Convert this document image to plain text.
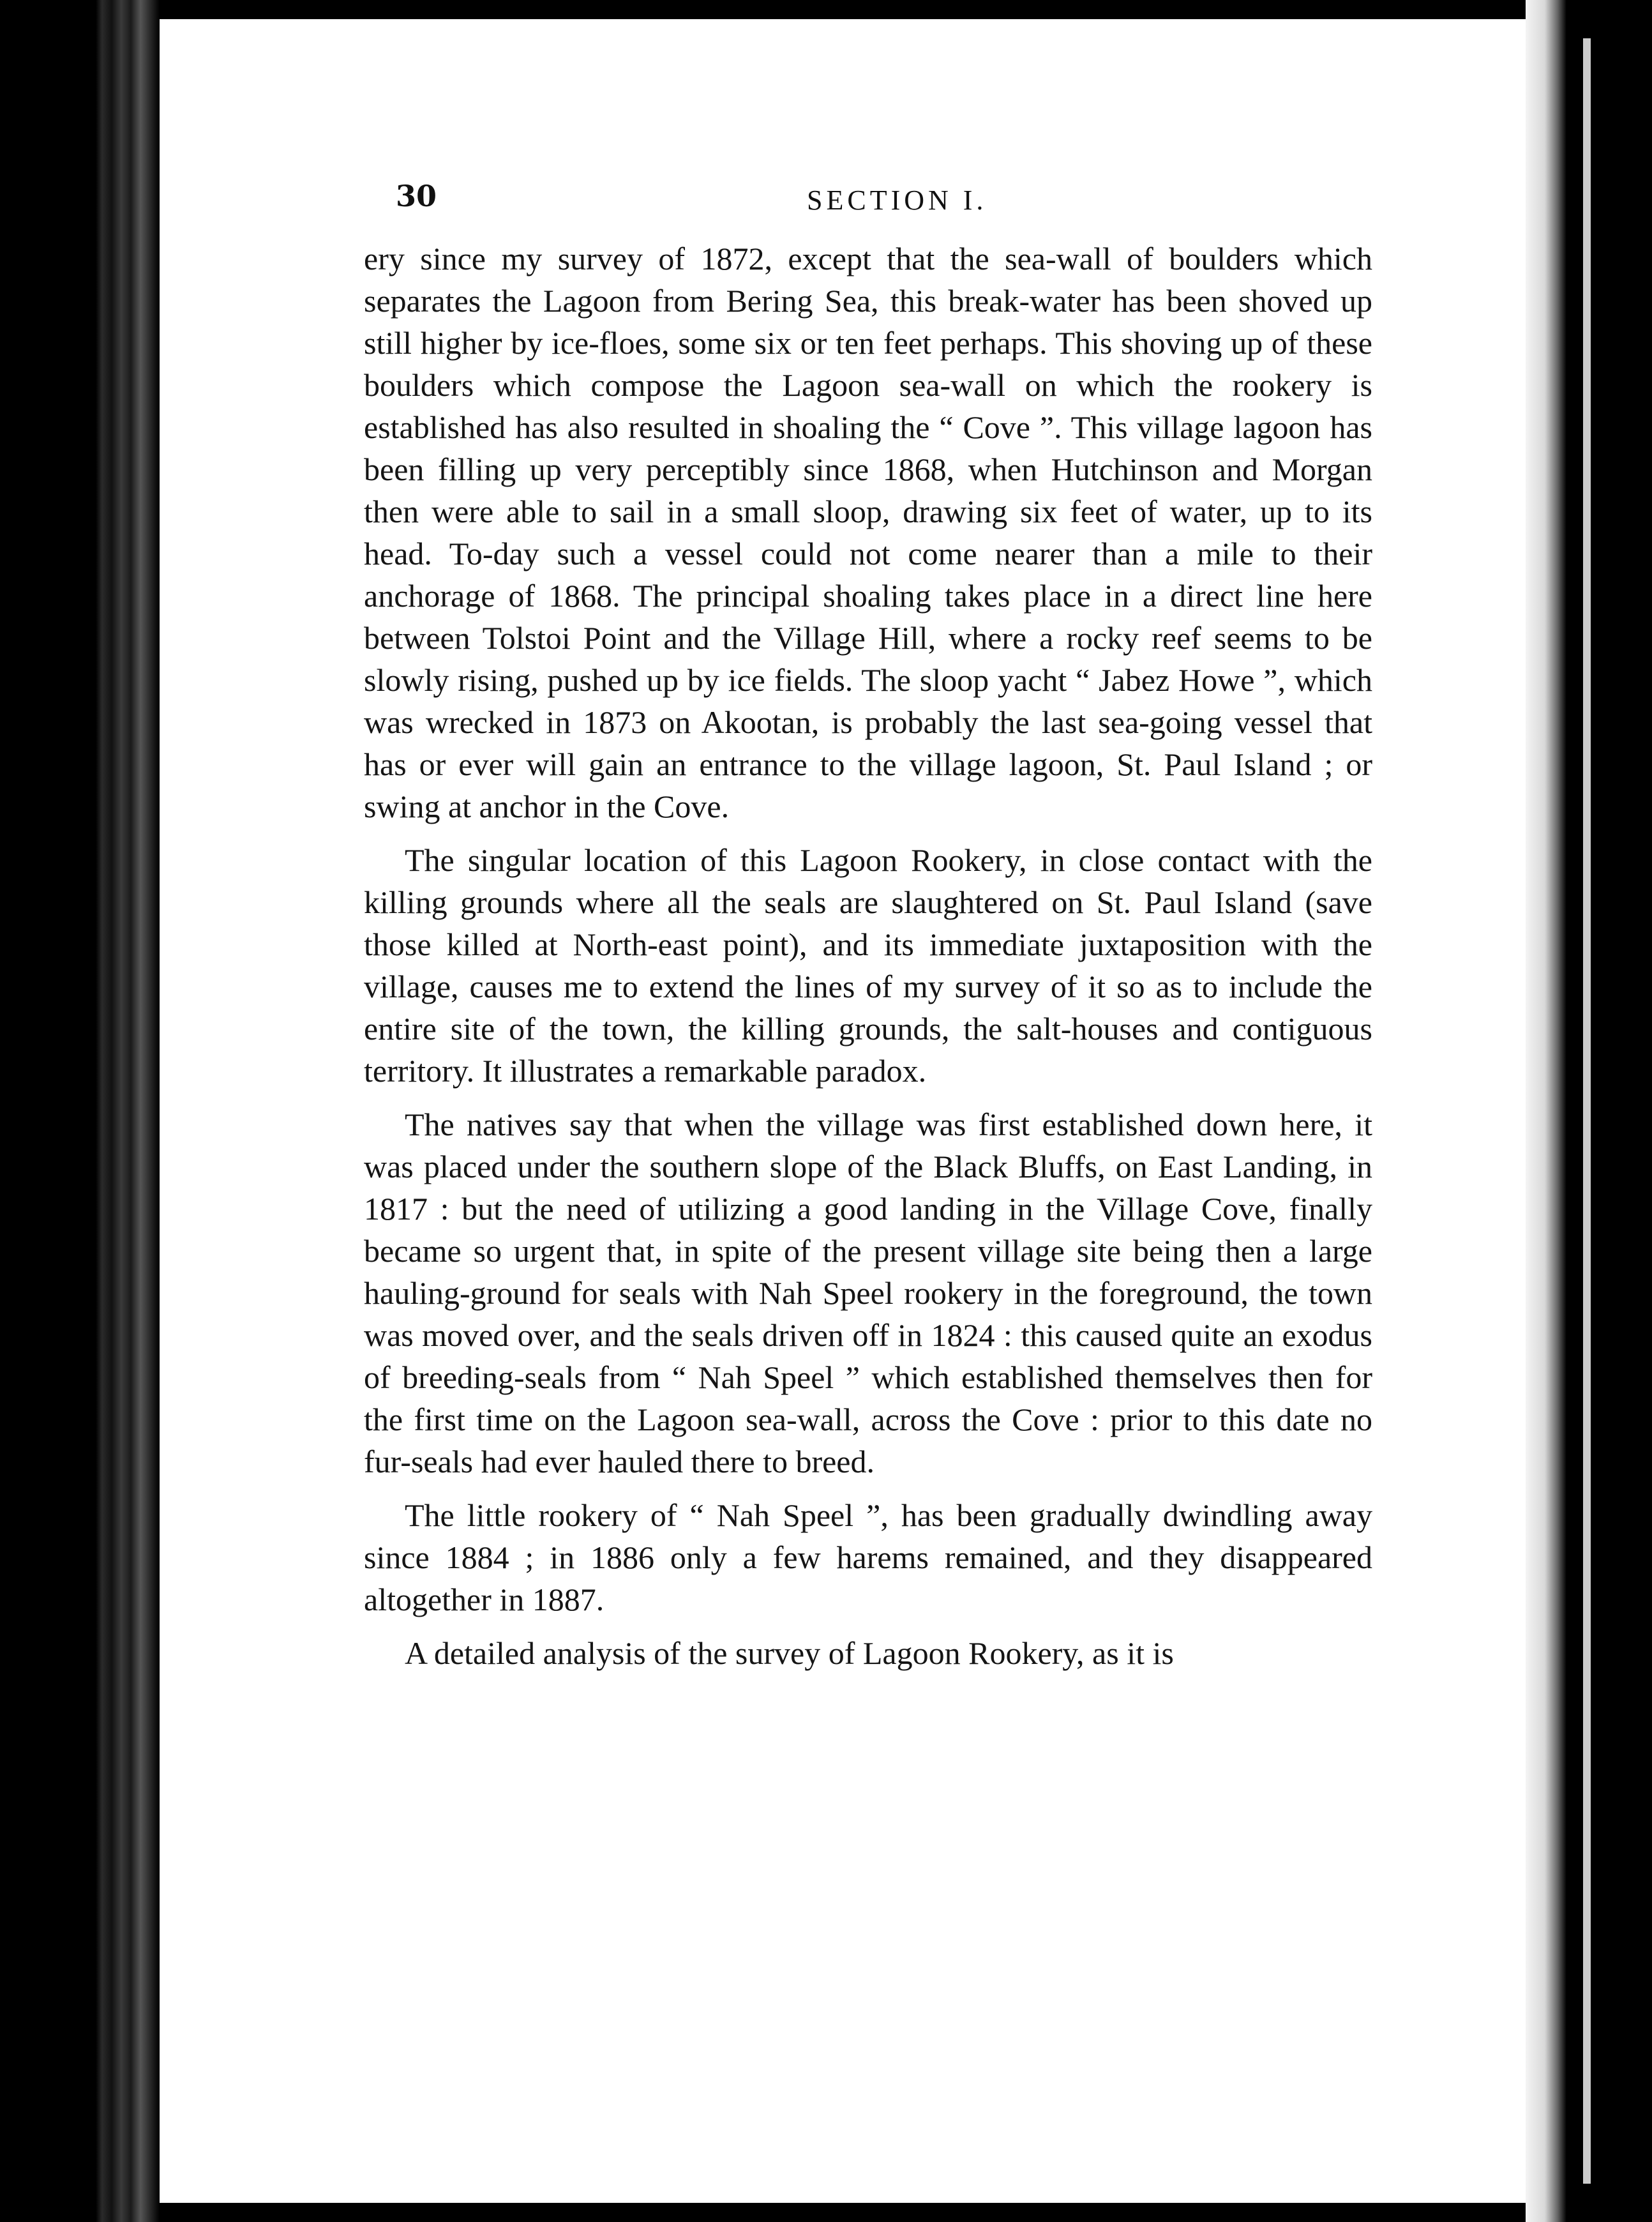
30	SECTION I.

ery since my survey of 1872, except that the sea-wall of boulders which separates the Lagoon from Bering Sea, this break-water has been shoved up still higher by ice-floes, some six or ten feet perhaps. This shoving up of these boulders which compose the Lagoon sea-wall on which the rookery is established has also resulted in shoaling the “ Cove ”. This village lagoon has been filling up very perceptibly since 1868, when Hutchinson and Morgan then were able to sail in a small sloop, drawing six feet of water, up to its head. To-day such a vessel could not come nearer than a mile to their anchorage of 1868. The principal shoaling takes place in a direct line here between Tolstoi Point and the Village Hill, where a rocky reef seems to be slowly rising, pushed up by ice fields. The sloop yacht “ Jabez Howe ”, which was wrecked in 1873 on Akootan, is probably the last sea-going vessel that has or ever will gain an entrance to the village lagoon, St. Paul Island ; or swing at anchor in the Cove.

The singular location of this Lagoon Rookery, in close contact with the killing grounds where all the seals are slaughtered on St. Paul Island (save those killed at North-east point), and its immediate juxtaposition with the village, causes me to extend the lines of my survey of it so as to include the entire site of the town, the killing grounds, the salt-houses and contiguous territory. It illustrates a remarkable paradox.

The natives say that when the village was first established down here, it was placed under the southern slope of the Black Bluffs, on East Landing, in 1817 : but the need of utilizing a good landing in the Village Cove, finally became so urgent that, in spite of the present village site being then a large hauling-ground for seals with Nah Speel rookery in the foreground, the town was moved over, and the seals driven off in 1824 : this caused quite an exodus of breeding-seals from “ Nah Speel ” which established themselves then for the first time on the Lagoon sea-wall, across the Cove : prior to this date no fur-seals had ever hauled there to breed.

The little rookery of “ Nah Speel ”, has been gradually dwindling away since 1884 ; in 1886 only a few harems remained, and they disappeared altogether in 1887.

A detailed analysis of the survey of Lagoon Rookery, as it is
